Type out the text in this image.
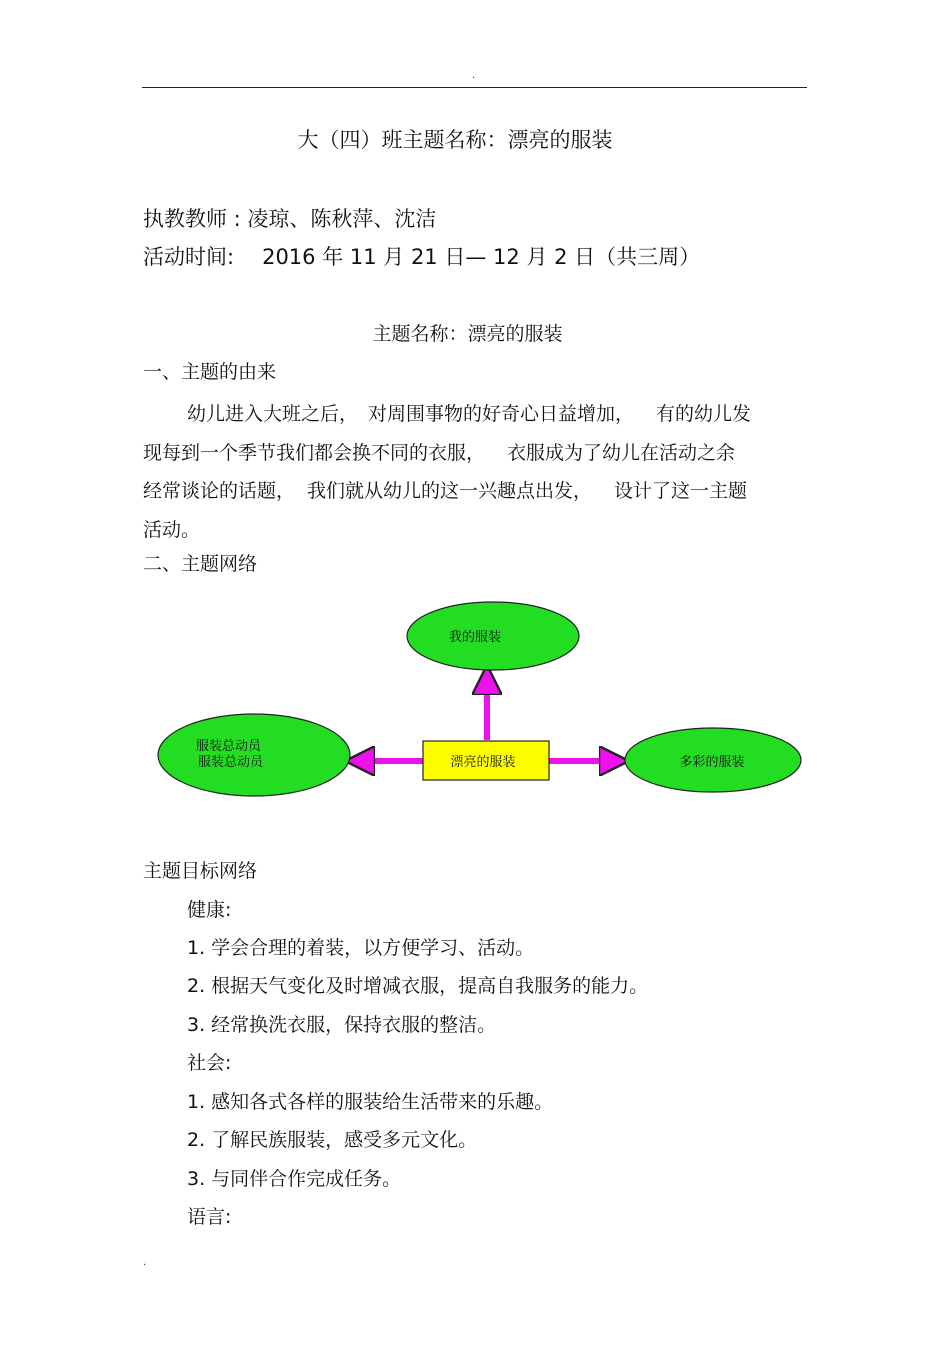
.
大（四）班主题名称：漂亮的服装
执教教师 : 凌琼、陈秋萍、沈洁
活动时间: 2016 年 11 月 21 日— 12 月 2 日（共三周）
主题名称：漂亮的服装
一、主题的由来

幼儿进入大班之后， 对周围事物的好奇心日益增加， 有的幼儿发

现每到一个季节我们都会换不同的衣服， 衣服成为了幼儿在活动之余

经常谈论的话题， 我们就从幼儿的这一兴趣点出发， 设计了这一主题

活动。

二、主题网络
我的服装
服装总动员
服装总动员	漂亮的服装	多彩的服装
主题目标网络
健康:
1. 学会合理的着装，以方便学习、活动。
2. 根据天气变化及时增减衣服，提高自我服务的能力。
3. 经常换洗衣服，保持衣服的整洁。
社会:
1. 感知各式各样的服装给生活带来的乐趣。
2. 了解民族服装，感受多元文化。
3. 与同伴合作完成任务。
语言:
.
